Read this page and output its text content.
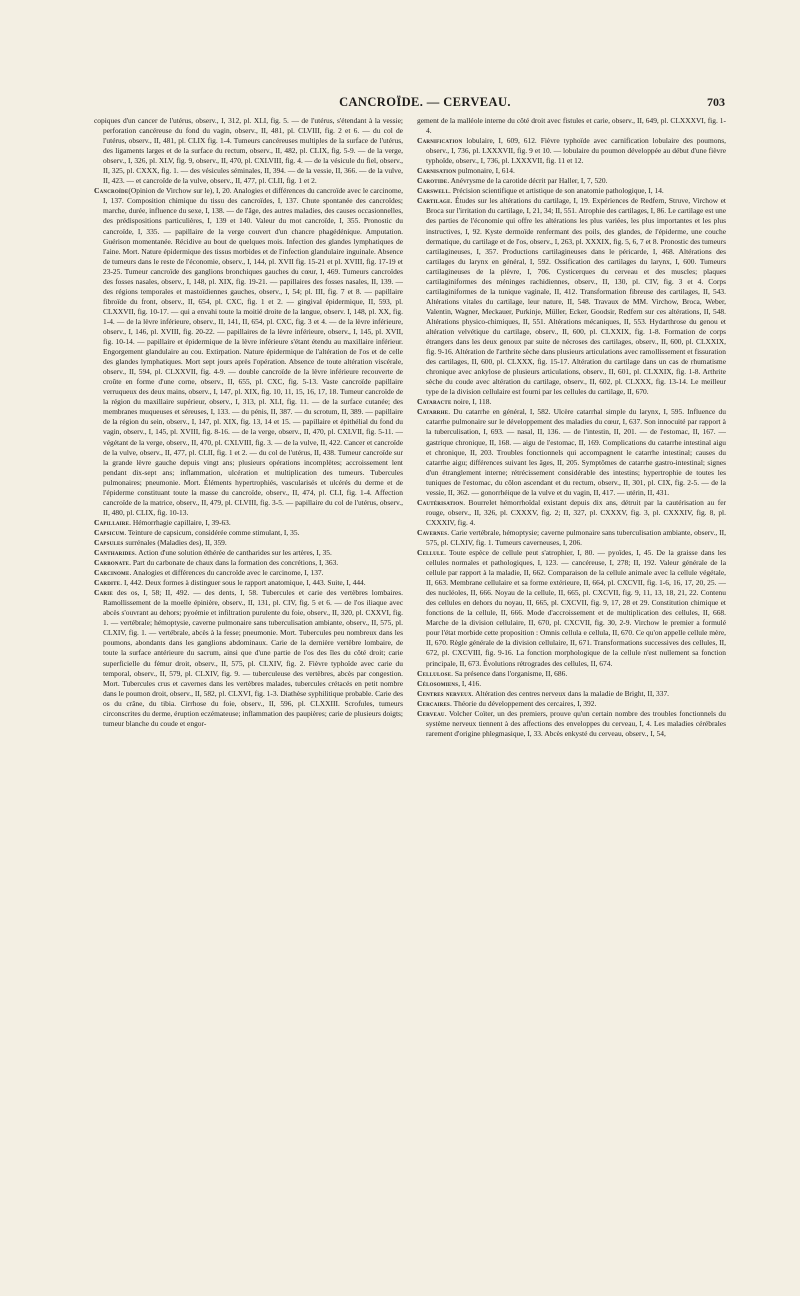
CANCROÏDE. — CERVEAU.	703

copiques d'un cancer de l'utérus, observ., I, 312, pl. XLI, fig. 5. — de l'utérus, s'étendant à la vessie; perforation cancéreuse du fond du vagin, observ., II, 481, pl. CLVIII, fig. 2 et 6. — du col de l'utérus, observ., II, 481, pl. CLIX fig. 1-4. Tumeurs cancéreuses multiples de la surface de l'utérus, des ligaments larges et de la surface du rectum, observ., II, 482, pl. CLIX, fig. 5-9. — de la verge, observ., I, 326, pl. XLV, fig. 9, observ., II, 470, pl. CXLVIII, fig. 4. — de la vésicule du fiel, observ., II, 325, pl. CXXX, fig. 1. — des vésicules séminales, II, 394. — de la vessie, II, 366. — de la vulve, II, 423. — et cancroïde de la vulve, observ., II, 477, pl. CLII, fig. 1 et 2.

Cancroïde(Opinion de Virchow sur le), I, 20. Analogies et différences du cancroïde avec le carcinome, I, 137. Composition chimique du tissu des cancroïdes, I, 137. Chute spontanée des cancroïdes; marche, durée, influence du sexe, I, 138. — de l'âge, des autres maladies, des causes occasionnelles, des prédispositions particulières, I, 139 et 140. Valeur du mot cancroïde, I, 355. Pronostic du cancroïde, I, 335. — papillaire de la verge couvert d'un chancre phagédénique. Amputation. Guérison momentanée. Récidive au bout de quelques mois. Infection des glandes lymphatiques de l'aine. Mort. Nature épidermique des tissus morbides et de l'infection glandulaire inguinale. Absence de tumeurs dans le reste de l'économie, observ., I, 144, pl. XVII fig. 15-21 et pl. XVIII, fig. 17-19 et 23-25. Tumeur cancroïde des ganglions bronchiques gauches du cœur, I, 469. Tumeurs cancroïdes des fosses nasales, observ., I, 148, pl. XIX, fig. 19-21. — papillaires des fosses nasales, II, 139. — des régions temporales et mastoïdiennes gauches, observ., I, 54; pl. III, fig. 7 et 8. — papillaire fibroïde du front, observ., II, 654, pl. CXC, fig. 1 et 2. — gingival épidermique, II, 593, pl. CLXXVII, fig. 10-17. — qui a envahi toute la moitié droite de la langue, observ. I, 148, pl. XX, fig. 1-4. — de la lèvre inférieure, observ., II, 141, II, 654, pl. CXC, fig. 3 et 4. — de la lèvre inférieure, observ., I, 146, pl. XVIII, fig. 20-22. — papillaires de la lèvre inférieure, observ., I, 145, pl. XVII, fig. 10-14. — papillaire et épidermique de la lèvre inférieure s'étant étendu au maxillaire inférieur. Engorgement glandulaire au cou. Extirpation. Nature épidermique de l'altération de l'os et de celle des glandes lymphatiques. Mort sept jours après l'opération. Absence de toute altération viscérale, observ., II, 594, pl. CLXXVII, fig. 4-9. — double cancroïde de la lèvre inférieure recouverte de croûte en forme d'une corne, observ., II, 655, pl. CXC, fig. 5-13. Vaste cancroïde papillaire verruqueux des deux mains, observ., I, 147, pl. XIX, fig. 10, 11, 15, 16, 17, 18. Tumeur cancroïde de la région du maxillaire supérieur, observ., I, 313, pl. XLI, fig. 11. — de la surface cutanée; des membranes muqueuses et séreuses, I, 133. — du pénis, II, 387. — du scrotum, II, 389. — papillaire de la région du sein, observ., I, 147, pl. XIX, fig. 13, 14 et 15. — papillaire et épithélial du fond du vagin, observ., I, 145, pl. XVIII, fig. 8-16. — de la verge, observ., II, 470, pl. CXLVII, fig. 5-11. — végétant de la verge, observ., II, 470, pl. CXLVIII, fig. 3. — de la vulve, II, 422. Cancer et cancroïde de la vulve, observ., II, 477, pl. CLII, fig. 1 et 2. — du col de l'utérus, II, 438. Tumeur cancroïde sur la grande lèvre gauche depuis vingt ans; plusieurs opérations incomplètes; accroissement lent pendant dix-sept ans; inflammation, ulcération et multiplication des tumeurs. Tubercules pulmonaires; pneumonie. Mort. Éléments hypertrophiés, vascularisés et ulcérés du derme et de l'épiderme constituant toute la masse du cancroïde, observ., II, 474, pl. CLI, fig. 1-4. Affection cancroïde de la matrice, observ., II, 479, pl. CLVIII, fig. 3-5. — papillaire du col de l'utérus, observ., II, 480, pl. CLIX, fig. 10-13.

Capillaire. Hémorrhagie capillaire, I, 39-63.

Capsicum. Teinture de capsicum, considérée comme stimulant, I, 35.

Capsules surrénales (Maladies des), II, 359.

Cantharides. Action d'une solution éthérée de cantharides sur les artères, I, 35.

Carbonate. Part du carbonate de chaux dans la formation des concrétions, I, 363.

Carcinome. Analogies et différences du cancroïde avec le carcinome, I, 137.

Cardite. I, 442. Deux formes à distinguer sous le rapport anatomique, I, 443. Suite, I, 444.

Carie des os, I, 58; II, 492. — des dents, I, 58. Tubercules et carie des vertèbres lombaires. Ramollissement de la moelle épinière, observ., II, 131, pl. CIV, fig. 5 et 6. — de l'os iliaque avec abcès s'ouvrant au dehors; pyoémie et infiltration purulente du foie, observ., II, 320, pl. CXXVI, fig. 1. — vertébrale; hémoptysie, caverne pulmonaire sans tuberculisation ambiante, observ., II, 575, pl. CLXIV, fig. 1. — vertébrale, abcès à la fesse; pneumonie. Mort. Tubercules peu nombreux dans les poumons, abondants dans les ganglions abdominaux. Carie de la dernière vertèbre lombaire, de toute la surface antérieure du sacrum, ainsi que d'une partie de l'os des îles du côté droit; carie superficielle du fémur droit, observ., II, 575, pl. CLXIV, fig. 2. Fièvre typhoïde avec carie du temporal, observ., II, 579, pl. CLXIV, fig. 9. — tuberculeuse des vertèbres, abcès par congestion. Mort. Tubercules crus et cavernes dans les vertèbres malades, tubercules crétacés en petit nombre dans le poumon droit, observ., II, 582, pl. CLXVI, fig. 1-3. Diathèse syphilitique probable. Carie des os du crâne, du tibia. Cirrhose du foie, observ., II, 596, pl. CLXXIII. Scrofules, tumeurs circonscrites du derme, éruption eczémateuse; inflammation des paupières; carie de plusieurs doigts; tumeur blanche du coude et engor-

gement de la malléole interne du côté droit avec fistules et carie, observ., II, 649, pl. CLXXXVI, fig. 1-4.

Carnification lobulaire, I, 609, 612. Fièvre typhoïde avec carnification lobulaire des poumons, observ., I, 736, pl. LXXXVII, fig. 9 et 10. — lobulaire du poumon développée au début d'une fièvre typhoïde, observ., I, 736, pl. LXXXVII, fig. 11 et 12.

Carnisation pulmonaire, I, 614.

Carotide. Anévrysme de la carotide décrit par Haller, I, 7, 520.

Carswell. Précision scientifique et artistique de son anatomie pathologique, I, 14.

Cartilage. Études sur les altérations du cartilage, I, 19. Expériences de Redfern, Struve, Virchow et Broca sur l'irritation du cartilage, I, 21, 34; II, 551. Atrophie des cartilages, I, 86. Le cartilage est une des parties de l'économie qui offre les altérations les plus variées, les plus importantes et les plus instructives, I, 92. Kyste dermoïde renfermant des poils, des glandes, de l'épiderme, une couche dermatique, du cartilage et de l'os, observ., I, 263, pl. XXXIX, fig. 5, 6, 7 et 8. Pronostic des tumeurs cartilagineuses, I, 357. Productions cartilagineuses dans le péricarde, I, 468. Altérations des cartilages du larynx en général, I, 592. Ossification des cartilages du larynx, I, 600. Tumeurs cartilagineuses de la plèvre, I, 706. Cysticerques du cerveau et des muscles; plaques cartilaginiformes des méninges rachidiennes, observ., II, 130, pl. CIV, fig. 3 et 4. Corps cartilaginiformes de la tunique vaginale, II, 412. Transformation fibreuse des cartilages, II, 543. Altérations vitales du cartilage, leur nature, II, 548. Travaux de MM. Virchow, Broca, Weber, Valentin, Wagner, Meckauer, Purkinje, Müller, Ecker, Goodsir, Redfern sur ces altérations, II, 548. Altérations physico-chimiques, II, 551. Altérations mécaniques, II, 553. Hydarthrose du genou et altération velvétique du cartilage, observ., II, 600, pl. CLXXIX, fig. 1-8. Formation de corps étrangers dans les deux genoux par suite de nécroses des cartilages, observ., II, 600, pl. CLXXIX, fig. 9-16. Altération de l'arthrite sèche dans plusieurs articulations avec ramollissement et fissuration des cartilages, II, 600, pl. CLXXX, fig. 15-17. Altération du cartilage dans un cas de rhumatisme chronique avec ankylose de plusieurs articulations, observ., II, 601, pl. CLXXIX, fig. 1-8. Arthrite sèche du coude avec altération du cartilage, observ., II, 602, pl. CLXXX, fig. 13-14. Le meilleur type de la division cellulaire est fourni par les cellules du cartilage, II, 670.

Cataracte noire, I, 118.

Catarrhe. Du catarrhe en général, I, 582. Ulcère catarrhal simple du larynx, I, 595. Influence du catarrhe pulmonaire sur le développement des maladies du cœur, I, 637. Son innocuité par rapport à la tuberculisation, I, 693. — nasal, II, 136. — de l'intestin, II, 201. — de l'estomac, II, 167. — gastrique chronique, II, 168. — aigu de l'estomac, II, 169. Complications du catarrhe intestinal aigu et chronique, II, 203. Troubles fonctionnels qui accompagnent le catarrhe intestinal; causes du catarrhe aigu; différences suivant les âges, II, 205. Symptômes de catarrhe gastro-intestinal; signes d'un étranglement interne; rétrécissement considérable des intestins; hypertrophie de toutes les tuniques de l'estomac, du côlon ascendant et du rectum, observ., II, 301, pl. CIX, fig. 2-5. — de la vessie, II, 362. — gonorrhéique de la vulve et du vagin, II, 417. — utérin, II, 431.

Cautérisation. Bourrelet hémorrhoïdal existant depuis dix ans, détruit par la cautérisation au fer rouge, observ., II, 326, pl. CXXXV, fig. 2; II, 327, pl. CXXXV, fig. 3, pl. CXXXIV, fig. 8, pl. CXXXIV, fig. 4.

Cavernes. Carie vertébrale, hémoptysie; caverne pulmonaire sans tuberculisation ambiante, observ., II, 575, pl. CLXIV, fig. 1. Tumeurs caverneuses, I, 206.

Cellule. Toute espèce de cellule peut s'atrophier, I, 80. — pyoïdes, I, 45. De la graisse dans les cellules normales et pathologiques, I, 123. — cancéreuse, I, 278; II, 192. Valeur générale de la cellule par rapport à la maladie, II, 662. Comparaison de la cellule animale avec la cellule végétale, II, 663. Membrane cellulaire et sa forme extérieure, II, 664, pl. CXCVII, fig. 1-6, 16, 17, 20, 25. — des nucléoles, II, 666. Noyau de la cellule, II, 665, pl. CXCVII, fig. 9, 11, 13, 18, 21, 22. Contenu des cellules en dehors du noyau, II, 665, pl. CXCVII, fig. 9, 17, 28 et 29. Constitution chimique et fonctions de la cellule, II, 666. Mode d'accroissement et de multiplication des cellules, II, 668. Marche de la division cellulaire, II, 670, pl. CXCVII, fig. 30, 2-9. Virchow le premier a formulé pour l'état morbide cette proposition : Omnis cellula e cellula, II, 670. Ce qu'on appelle cellule mère, II, 670. Règle générale de la division cellulaire, II, 671. Transformations successives des cellules, II, 672, pl. CXCVIII, fig. 9-16. La fonction morphologique de la cellule n'est nullement sa fonction principale, II, 673. Évolutions rétrogrades des cellules, II, 674.

Cellulose. Sa présence dans l'organisme, II, 686.

Célosomiens, I, 416.

Centres nerveux. Altération des centres nerveux dans la maladie de Bright, II, 337.

Cercaires. Théorie du développement des cercaires, I, 392.

Cerveau. Volcher Coïter, un des premiers, prouve qu'un certain nombre des troubles fonctionnels du système nerveux tiennent à des affections des enveloppes du cerveau, I, 4. Les maladies cérébrales rarement d'origine phlegmasique, I, 33. Abcès enkysté du cerveau, observ., I, 54,
